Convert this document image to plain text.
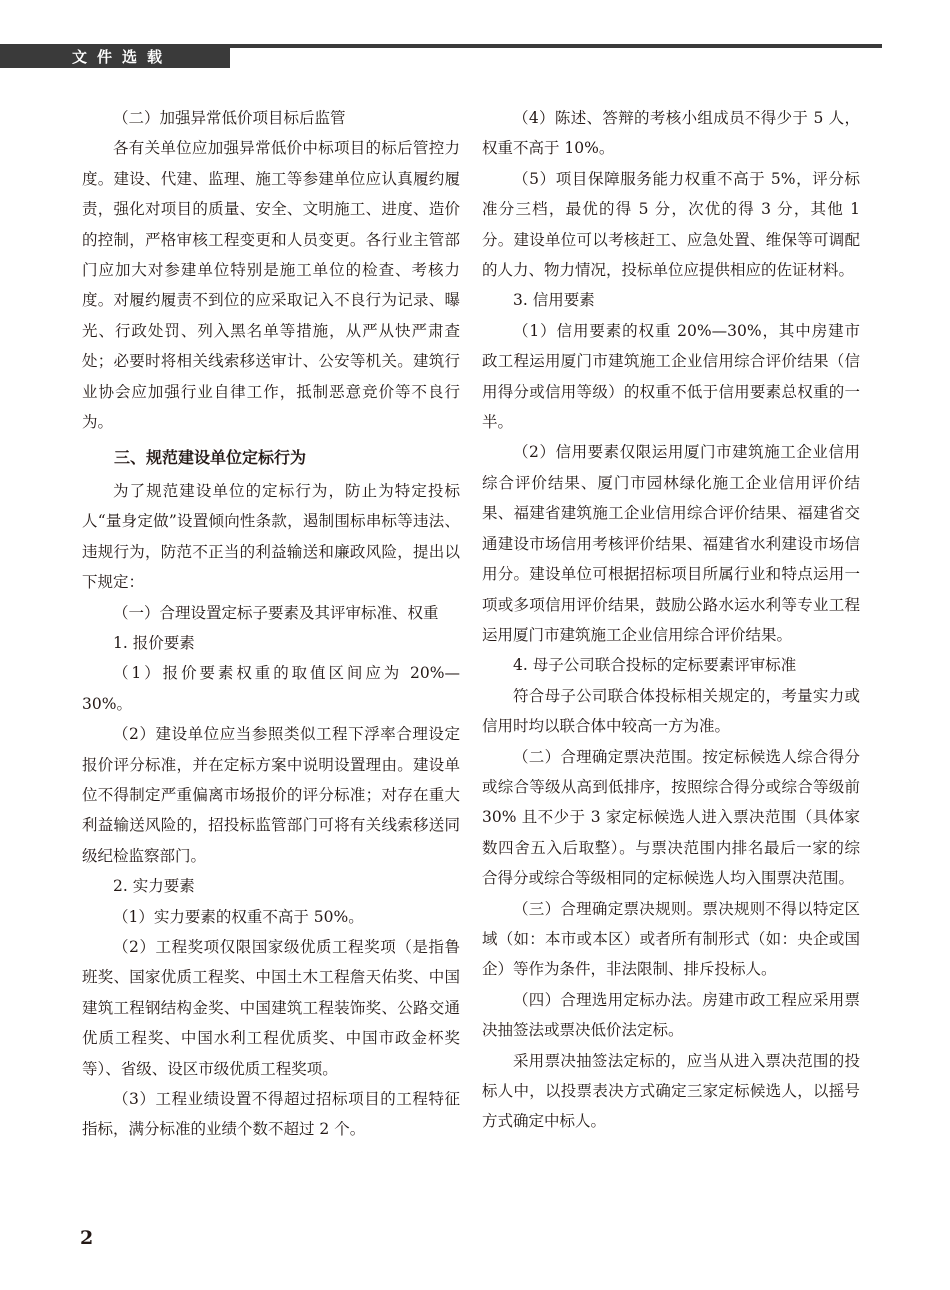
文件选载

（二）加强异常低价项目标后监管

各有关单位应加强异常低价中标项目的标后管控力度。建设、代建、监理、施工等参建单位应认真履约履责，强化对项目的质量、安全、文明施工、进度、造价的控制，严格审核工程变更和人员变更。各行业主管部门应加大对参建单位特别是施工单位的检查、考核力度。对履约履责不到位的应采取记入不良行为记录、曝光、行政处罚、列入黑名单等措施，从严从快严肃查处；必要时将相关线索移送审计、公安等机关。建筑行业协会应加强行业自律工作，抵制恶意竞价等不良行为。

三、规范建设单位定标行为

为了规范建设单位的定标行为，防止为特定投标人“量身定做”设置倾向性条款，遏制围标串标等违法、违规行为，防范不正当的利益输送和廉政风险，提出以下规定：

（一）合理设置定标子要素及其评审标准、权重

1. 报价要素

（1）报价要素权重的取值区间应为 20%—30%。

（2）建设单位应当参照类似工程下浮率合理设定报价评分标准，并在定标方案中说明设置理由。建设单位不得制定严重偏离市场报价的评分标准；对存在重大利益输送风险的，招投标监管部门可将有关线索移送同级纪检监察部门。

2. 实力要素

（1）实力要素的权重不高于 50%。

（2）工程奖项仅限国家级优质工程奖项（是指鲁班奖、国家优质工程奖、中国土木工程詹天佑奖、中国建筑工程钢结构金奖、中国建筑工程装饰奖、公路交通优质工程奖、中国水利工程优质奖、中国市政金杯奖等）、省级、设区市级优质工程奖项。

（3）工程业绩设置不得超过招标项目的工程特征指标，满分标准的业绩个数不超过 2 个。

（4）陈述、答辩的考核小组成员不得少于 5 人，权重不高于 10%。

（5）项目保障服务能力权重不高于 5%，评分标准分三档，最优的得 5 分，次优的得 3 分，其他 1 分。建设单位可以考核赶工、应急处置、维保等可调配的人力、物力情况，投标单位应提供相应的佐证材料。

3. 信用要素

（1）信用要素的权重 20%—30%，其中房建市政工程运用厦门市建筑施工企业信用综合评价结果（信用得分或信用等级）的权重不低于信用要素总权重的一半。

（2）信用要素仅限运用厦门市建筑施工企业信用综合评价结果、厦门市园林绿化施工企业信用评价结果、福建省建筑施工企业信用综合评价结果、福建省交通建设市场信用考核评价结果、福建省水利建设市场信用分。建设单位可根据招标项目所属行业和特点运用一项或多项信用评价结果，鼓励公路水运水利等专业工程运用厦门市建筑施工企业信用综合评价结果。

4. 母子公司联合投标的定标要素评审标准

符合母子公司联合体投标相关规定的，考量实力或信用时均以联合体中较高一方为准。

（二）合理确定票决范围。按定标候选人综合得分或综合等级从高到低排序，按照综合得分或综合等级前 30% 且不少于 3 家定标候选人进入票决范围（具体家数四舍五入后取整）。与票决范围内排名最后一家的综合得分或综合等级相同的定标候选人均入围票决范围。

（三）合理确定票决规则。票决规则不得以特定区域（如：本市或本区）或者所有制形式（如：央企或国企）等作为条件，非法限制、排斥投标人。

（四）合理选用定标办法。房建市政工程应采用票决抽签法或票决低价法定标。

采用票决抽签法定标的，应当从进入票决范围的投标人中，以投票表决方式确定三家定标候选人，以摇号方式确定中标人。

2
